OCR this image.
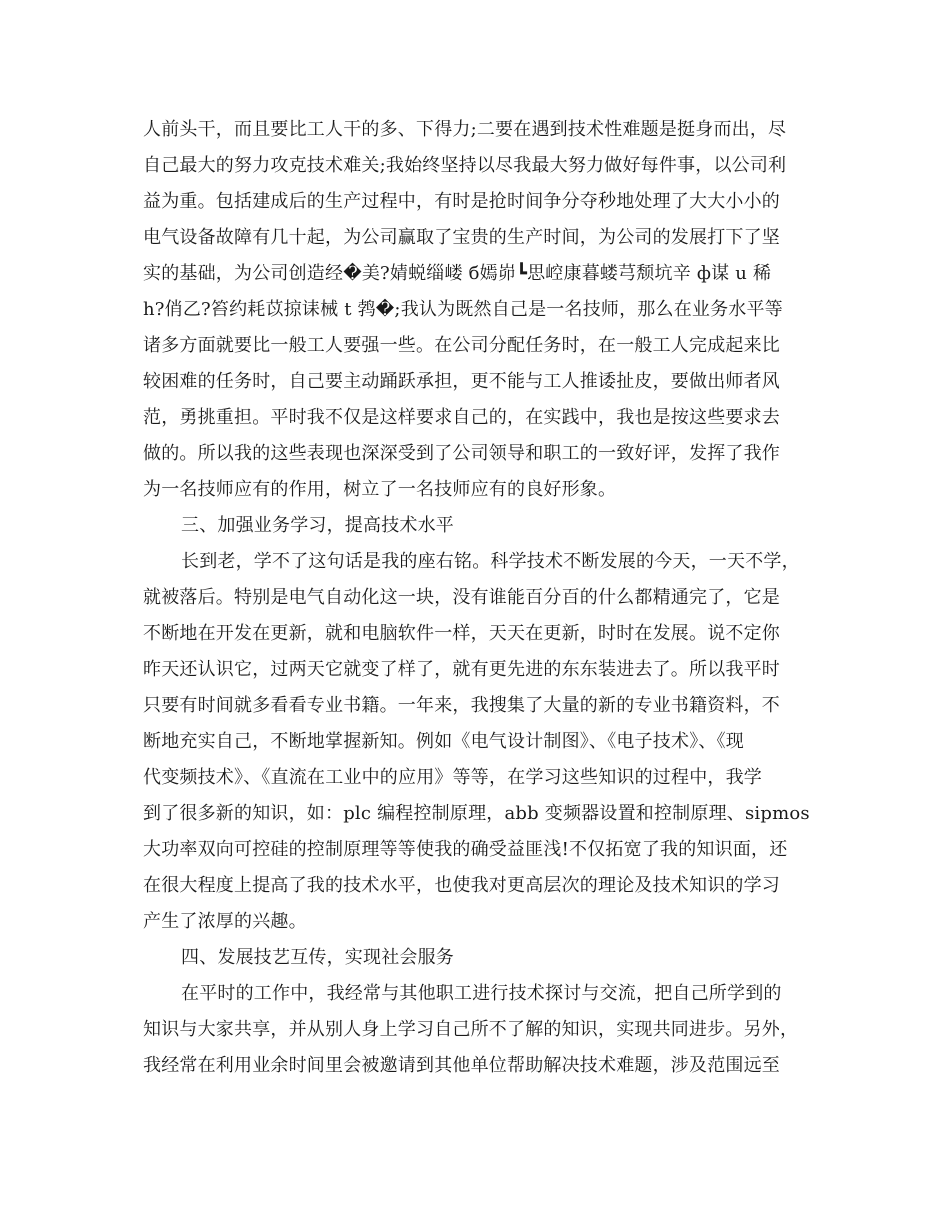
人前头干，而且要比工人干的多、下得力;二要在遇到技术性难题是挺身而出，尽
自己最大的努力攻克技术难关;我始终坚持以尽我最大努力做好每件事，以公司利
益为重。包括建成后的生产过程中，有时是抢时间争分夺秒地处理了大大小小的
电气设备故障有几十起，为公司赢取了宝贵的生产时间，为公司的发展打下了坚
实的基础，为公司创造经�美?婧蜕缁嵝 б嫣峁┗思崆康暮蝼芎颓坑辛 ф谋 u 稀
h?俏乙?笞约耗苡掠诔械 t 鹁�;我认为既然自己是一名技师，那么在业务水平等
诸多方面就要比一般工人要强一些。在公司分配任务时，在一般工人完成起来比
较困难的任务时，自己要主动踊跃承担，更不能与工人推诿扯皮，要做出师者风
范，勇挑重担。平时我不仅是这样要求自己的，在实践中，我也是按这些要求去
做的。所以我的这些表现也深深受到了公司领导和职工的一致好评，发挥了我作
为一名技师应有的作用，树立了一名技师应有的良好形象。
三、加强业务学习，提高技术水平
长到老，学不了这句话是我的座右铭。科学技术不断发展的今天，一天不学，
就被落后。特别是电气自动化这一块，没有谁能百分百的什么都精通完了，它是
不断地在开发在更新，就和电脑软件一样，天天在更新，时时在发展。说不定你
昨天还认识它，过两天它就变了样了，就有更先进的东东装进去了。所以我平时
只要有时间就多看看专业书籍。一年来，我搜集了大量的新的专业书籍资料，不
断地充实自己，不断地掌握新知。例如《电气设计制图》、《电子技术》、《现
代变频技术》、《直流在工业中的应用》等等，在学习这些知识的过程中，我学
到了很多新的知识，如：plc 编程控制原理，abb 变频器设置和控制原理、sipmos
大功率双向可控硅的控制原理等等使我的确受益匪浅!不仅拓宽了我的知识面，还
在很大程度上提高了我的技术水平，也使我对更高层次的理论及技术知识的学习
产生了浓厚的兴趣。
四、发展技艺互传，实现社会服务
在平时的工作中，我经常与其他职工进行技术探讨与交流，把自己所学到的
知识与大家共享，并从别人身上学习自己所不了解的知识，实现共同进步。另外，
我经常在利用业余时间里会被邀请到其他单位帮助解决技术难题，涉及范围远至
